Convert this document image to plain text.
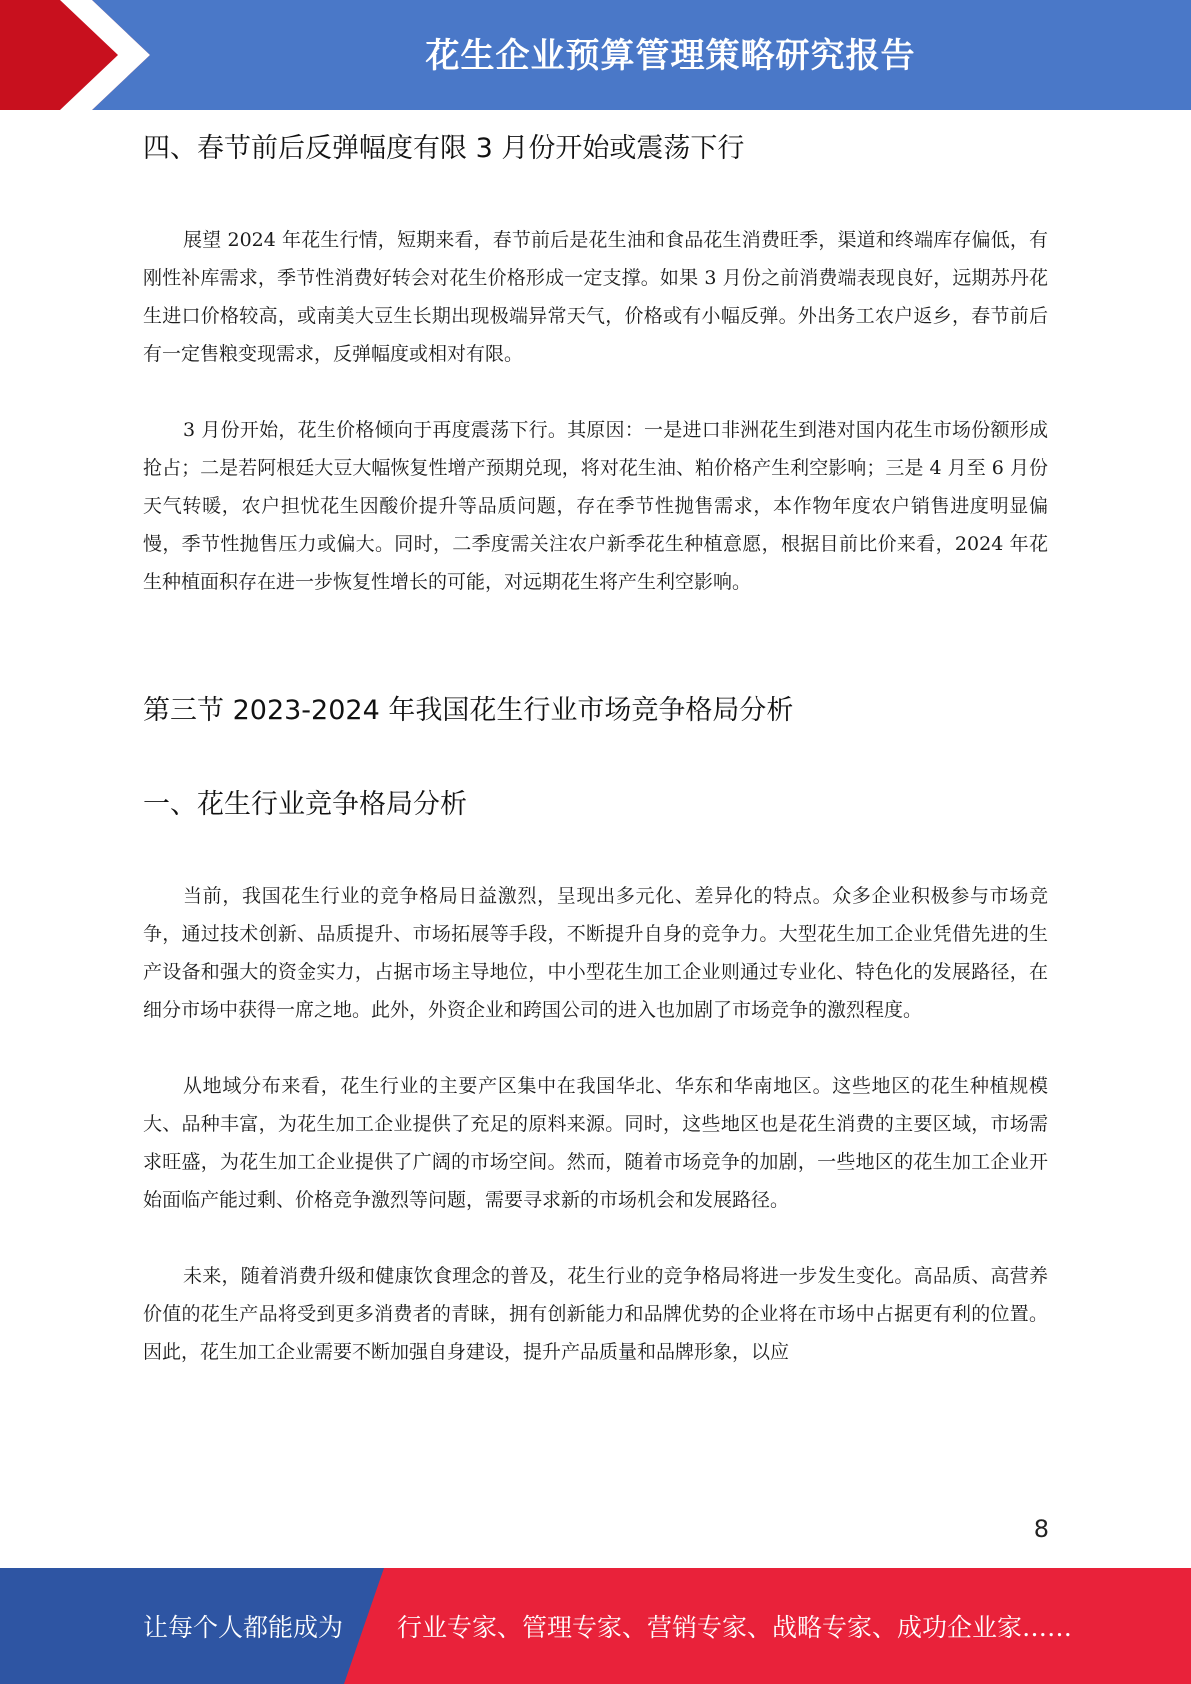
花生企业预算管理策略研究报告
四、春节前后反弹幅度有限 3 月份开始或震荡下行

展望 2024 年花生行情，短期来看，春节前后是花生油和食品花生消费旺季，渠道和终端库存偏低，有刚性补库需求，季节性消费好转会对花生价格形成一定支撑。如果 3 月份之前消费端表现良好，远期苏丹花生进口价格较高，或南美大豆生长期出现极端异常天气，价格或有小幅反弹。外出务工农户返乡，春节前后有一定售粮变现需求，反弹幅度或相对有限。

3 月份开始，花生价格倾向于再度震荡下行。其原因：一是进口非洲花生到港对国内花生市场份额形成抢占；二是若阿根廷大豆大幅恢复性增产预期兑现，将对花生油、粕价格产生利空影响；三是 4 月至 6 月份天气转暖，农户担忧花生因酸价提升等品质问题，存在季节性抛售需求，本作物年度农户销售进度明显偏慢，季节性抛售压力或偏大。同时，二季度需关注农户新季花生种植意愿，根据目前比价来看，2024 年花生种植面积存在进一步恢复性增长的可能，对远期花生将产生利空影响。

第三节 2023-2024 年我国花生行业市场竞争格局分析
一、花生行业竞争格局分析

当前，我国花生行业的竞争格局日益激烈，呈现出多元化、差异化的特点。众多企业积极参与市场竞争，通过技术创新、品质提升、市场拓展等手段，不断提升自身的竞争力。大型花生加工企业凭借先进的生产设备和强大的资金实力，占据市场主导地位，中小型花生加工企业则通过专业化、特色化的发展路径，在细分市场中获得一席之地。此外，外资企业和跨国公司的进入也加剧了市场竞争的激烈程度。

从地域分布来看，花生行业的主要产区集中在我国华北、华东和华南地区。这些地区的花生种植规模大、品种丰富，为花生加工企业提供了充足的原料来源。同时，这些地区也是花生消费的主要区域，市场需求旺盛，为花生加工企业提供了广阔的市场空间。然而，随着市场竞争的加剧，一些地区的花生加工企业开始面临产能过剩、价格竞争激烈等问题，需要寻求新的市场机会和发展路径。

未来，随着消费升级和健康饮食理念的普及，花生行业的竞争格局将进一步发生变化。高品质、高营养价值的花生产品将受到更多消费者的青睐，拥有创新能力和品牌优势的企业将在市场中占据更有利的位置。因此，花生加工企业需要不断加强自身建设，提升产品质量和品牌形象，以应

8
让每个人都能成为 行业专家、管理专家、营销专家、战略专家、成功企业家……
